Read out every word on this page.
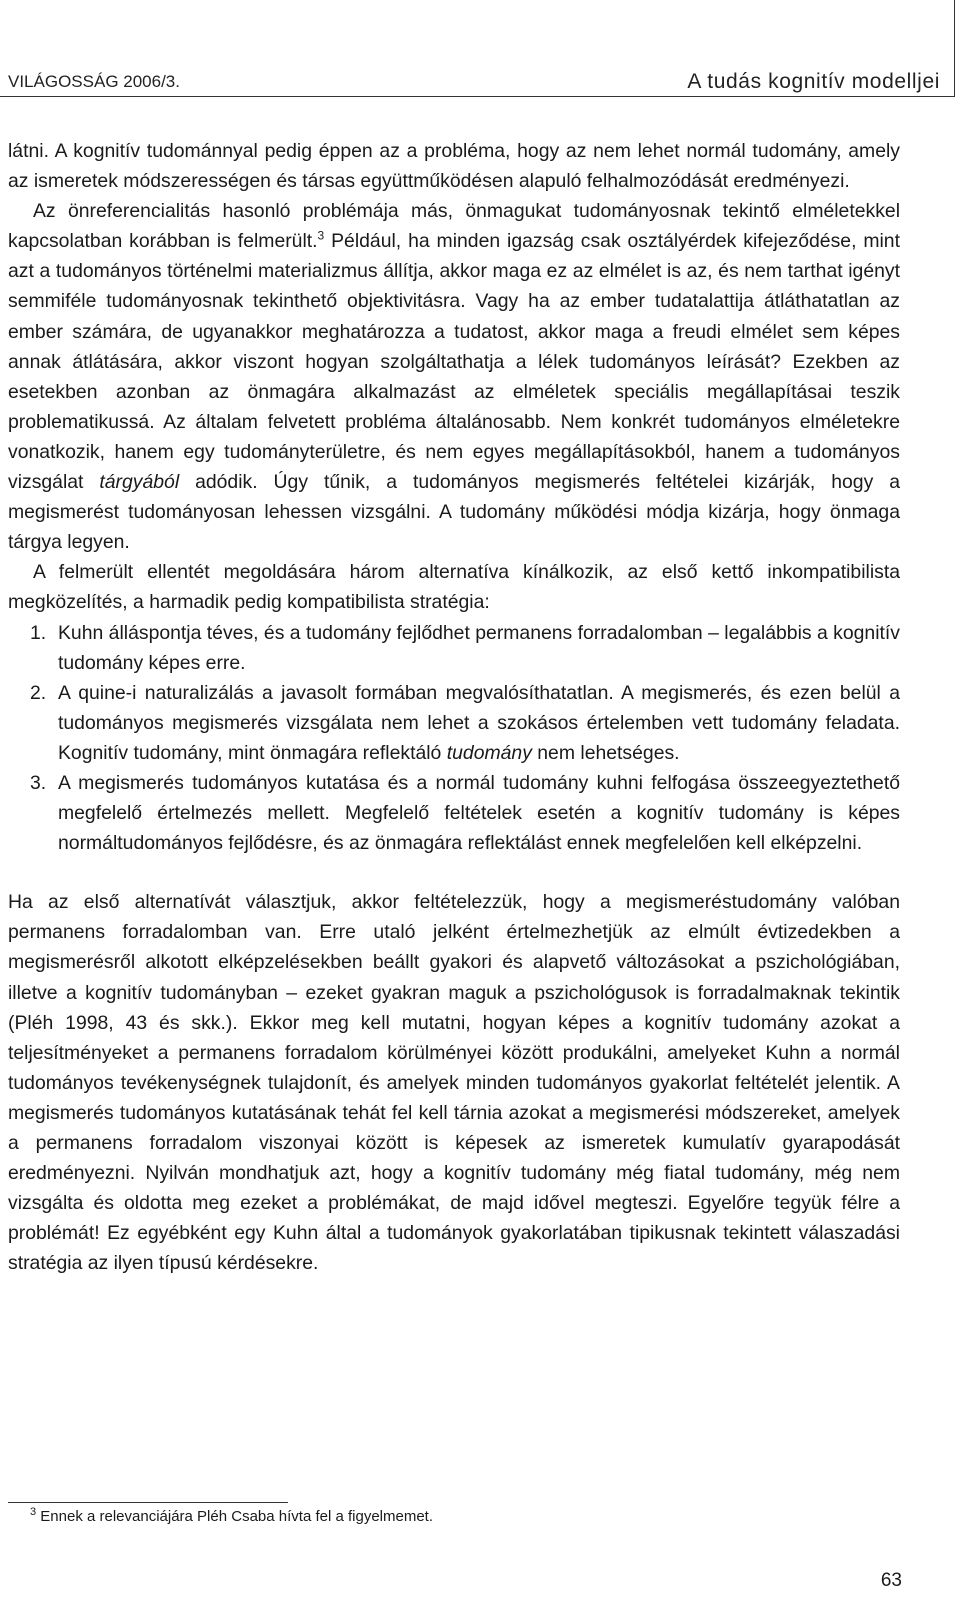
VILÁGOSSÁG 2006/3.	A tudás kognitív modelljei

látni. A kognitív tudománnyal pedig éppen az a probléma, hogy az nem lehet normál tudomány, amely az ismeretek módszerességen és társas együttműködésen alapuló felhalmozódását eredményezi.

Az önreferencialitás hasonló problémája más, önmagukat tudományosnak tekintő elméletekkel kapcsolatban korábban is felmerült.$^3$ Például, ha minden igazság csak osztályérdek kifejeződése, mint azt a tudományos történelmi materializmus állítja, akkor maga ez az elmélet is az, és nem tarthat igényt semmiféle tudományosnak tekinthető objektivitásra. Vagy ha az ember tudatalattija átláthatatlan az ember számára, de ugyanakkor meghatározza a tudatost, akkor maga a freudi elmélet sem képes annak átlátására, akkor viszont hogyan szolgáltathatja a lélek tudományos leírását? Ezekben az esetekben azonban az önmagára alkalmazást az elméletek speciális megállapításai teszik problematikussá. Az általam felvetett probléma általánosabb. Nem konkrét tudományos elméletekre vonatkozik, hanem egy tudományterületre, és nem egyes megállapításokból, hanem a tudományos vizsgálat tárgyából adódik. Úgy tűnik, a tudományos megismerés feltételei kizárják, hogy a megismerést tudományosan lehessen vizsgálni. A tudomány működési módja kizárja, hogy önmaga tárgya legyen.

A felmerült ellentét megoldására három alternatíva kínálkozik, az első kettő inkompatibilista megközelítés, a harmadik pedig kompatibilista stratégia:

1. Kuhn álláspontja téves, és a tudomány fejlődhet permanens forradalomban – legalábbis a kognitív tudomány képes erre.
2. A quine-i naturalizálás a javasolt formában megvalósíthatatlan. A megismerés, és ezen belül a tudományos megismerés vizsgálata nem lehet a szokásos értelemben vett tudomány feladata. Kognitív tudomány, mint önmagára reflektáló tudomány nem lehetséges.
3. A megismerés tudományos kutatása és a normál tudomány kuhni felfogása összeegyeztethető megfelelő értelmezés mellett. Megfelelő feltételek esetén a kognitív tudomány is képes normáltudományos fejlődésre, és az önmagára reflektálást ennek megfelelően kell elképzelni.

Ha az első alternatívát választjuk, akkor feltételezzük, hogy a megismeréstudomány valóban permanens forradalomban van. Erre utaló jelként értelmezhetjük az elmúlt évtizedekben a megismerésről alkotott elképzelésekben beállt gyakori és alapvető változásokat a pszichológiában, illetve a kognitív tudományban – ezeket gyakran maguk a pszichológusok is forradalmaknak tekintik (Pléh 1998, 43 és skk.). Ekkor meg kell mutatni, hogyan képes a kognitív tudomány azokat a teljesítményeket a permanens forradalom körülményei között produkálni, amelyeket Kuhn a normál tudományos tevékenységnek tulajdonít, és amelyek minden tudományos gyakorlat feltételét jelentik. A megismerés tudományos kutatásának tehát fel kell tárnia azokat a megismerési módszereket, amelyek a permanens forradalom viszonyai között is képesek az ismeretek kumulatív gyarapodását eredményezni. Nyilván mondhatjuk azt, hogy a kognitív tudomány még fiatal tudomány, még nem vizsgálta és oldotta meg ezeket a problémákat, de majd idővel megteszi. Egyelőre tegyük félre a problémát! Ez egyébként egy Kuhn által a tudományok gyakorlatában tipikusnak tekintett válaszadási stratégia az ilyen típusú kérdésekre.

$^3$ Ennek a relevanciájára Pléh Csaba hívta fel a figyelmemet.
63
